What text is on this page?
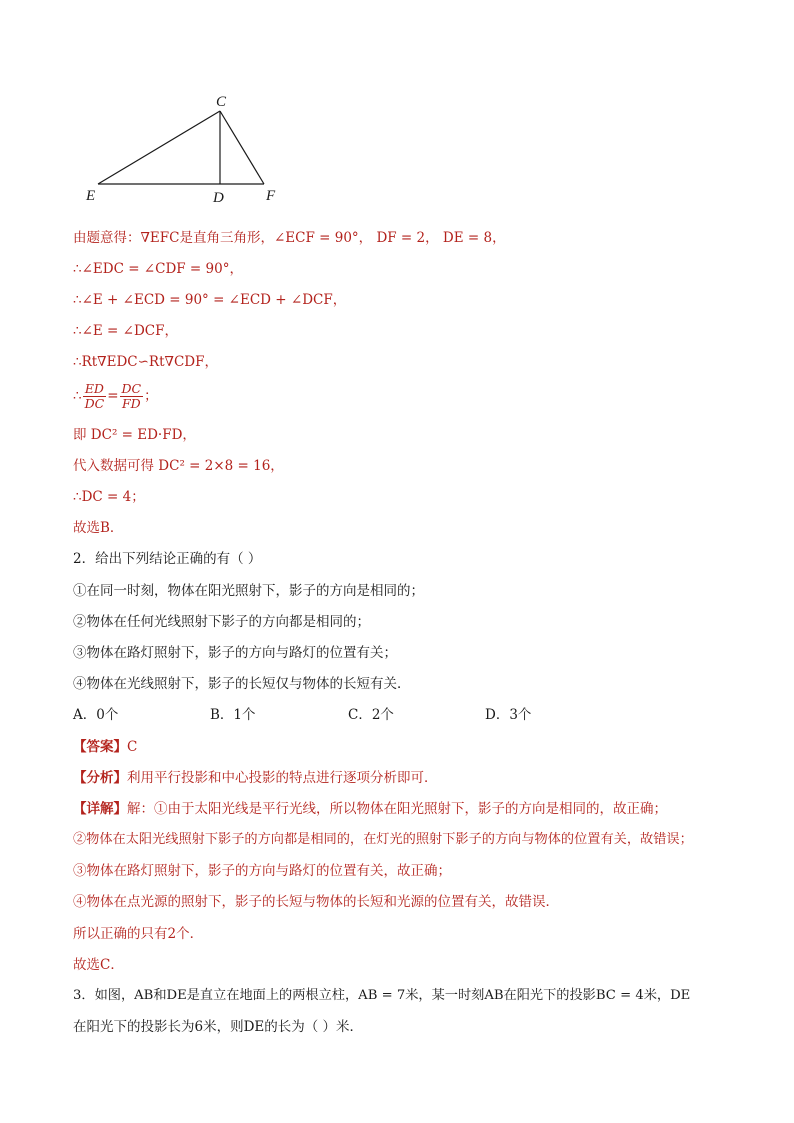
C
E	D	F
由题意得：∇EFC是直角三角形，∠ECF = 90°， DF = 2， DE = 8，
∴∠EDC = ∠CDF = 90°，
∴∠E + ∠ECD = 90° = ∠ECD + ∠DCF，
∴∠E = ∠DCF，
∴Rt∇EDC∽Rt∇CDF，
∴ $\frac{ED}{DC} = \frac{DC}{FD}$ ；
即 DC² = ED·FD，
代入数据可得 DC² = 2×8 = 16，
∴DC = 4；
故选B．
2．给出下列结论正确的有（ ）
①在同一时刻，物体在阳光照射下，影子的方向是相同的；
②物体在任何光线照射下影子的方向都是相同的；
③物体在路灯照射下，影子的方向与路灯的位置有关；
④物体在光线照射下，影子的长短仅与物体的长短有关．
A．0个	B．1个	C．2个	D．3个
【答案】C
【分析】利用平行投影和中心投影的特点进行逐项分析即可．
【详解】解：①由于太阳光线是平行光线，所以物体在阳光照射下，影子的方向是相同的，故正确；
②物体在太阳光线照射下影子的方向都是相同的，在灯光的照射下影子的方向与物体的位置有关，故错误；
③物体在路灯照射下，影子的方向与路灯的位置有关，故正确；
④物体在点光源的照射下，影子的长短与物体的长短和光源的位置有关，故错误．
所以正确的只有2个．
故选C．
3．如图，AB和DE是直立在地面上的两根立柱，AB = 7米，某一时刻AB在阳光下的投影BC = 4米，DE
在阳光下的投影长为6米，则DE的长为（ ）米．
